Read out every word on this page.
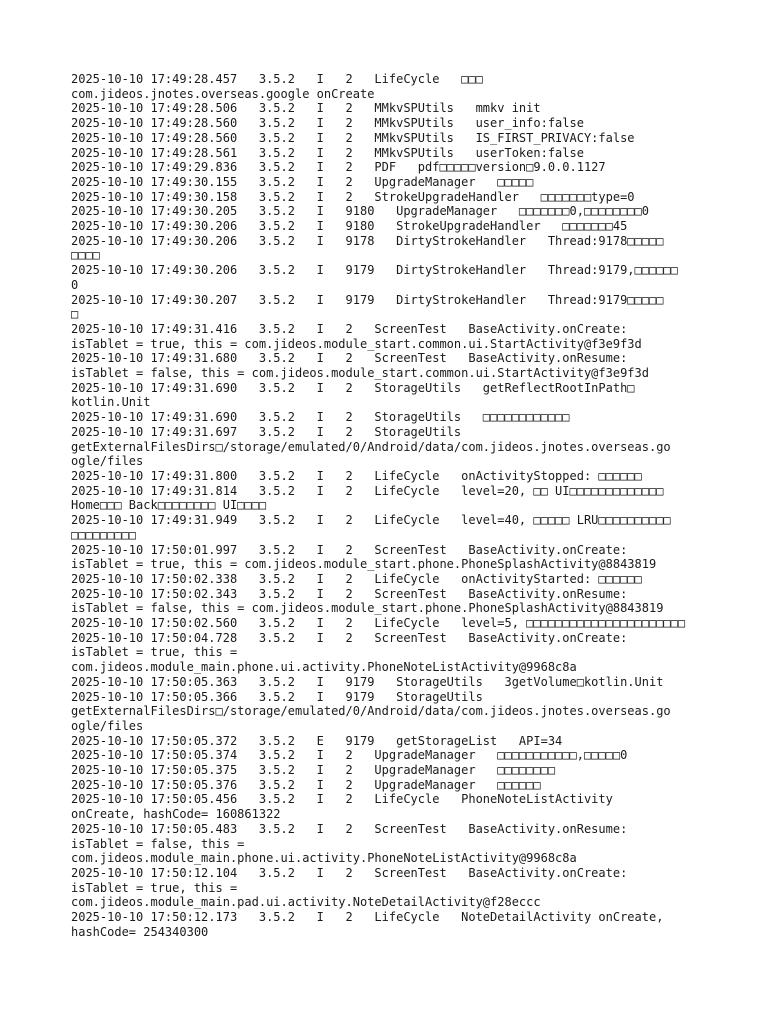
2025-10-10 17:49:28.457   3.5.2   I   2   LifeCycle   □□□
com.jideos.jnotes.overseas.google onCreate
2025-10-10 17:49:28.506   3.5.2   I   2   MMkvSPUtils   mmkv init
2025-10-10 17:49:28.560   3.5.2   I   2   MMkvSPUtils   user_info:false
2025-10-10 17:49:28.560   3.5.2   I   2   MMkvSPUtils   IS_FIRST_PRIVACY:false
2025-10-10 17:49:28.561   3.5.2   I   2   MMkvSPUtils   userToken:false
2025-10-10 17:49:29.836   3.5.2   I   2   PDF   pdf□□□□□version□9.0.0.1127
2025-10-10 17:49:30.155   3.5.2   I   2   UpgradeManager   □□□□□
2025-10-10 17:49:30.158   3.5.2   I   2   StrokeUpgradeHandler   □□□□□□□type=0
2025-10-10 17:49:30.205   3.5.2   I   9180   UpgradeManager   □□□□□□□0,□□□□□□□□0
2025-10-10 17:49:30.206   3.5.2   I   9180   StrokeUpgradeHandler   □□□□□□□45
2025-10-10 17:49:30.206   3.5.2   I   9178   DirtyStrokeHandler   Thread:9178□□□□□
□□□□
2025-10-10 17:49:30.206   3.5.2   I   9179   DirtyStrokeHandler   Thread:9179,□□□□□□
0
2025-10-10 17:49:30.207   3.5.2   I   9179   DirtyStrokeHandler   Thread:9179□□□□□
□
2025-10-10 17:49:31.416   3.5.2   I   2   ScreenTest   BaseActivity.onCreate:
isTablet = true, this = com.jideos.module_start.common.ui.StartActivity@f3e9f3d
2025-10-10 17:49:31.680   3.5.2   I   2   ScreenTest   BaseActivity.onResume:
isTablet = false, this = com.jideos.module_start.common.ui.StartActivity@f3e9f3d
2025-10-10 17:49:31.690   3.5.2   I   2   StorageUtils   getReflectRootInPath□
kotlin.Unit
2025-10-10 17:49:31.690   3.5.2   I   2   StorageUtils   □□□□□□□□□□□□
2025-10-10 17:49:31.697   3.5.2   I   2   StorageUtils
getExternalFilesDirs□/storage/emulated/0/Android/data/com.jideos.jnotes.overseas.go
ogle/files
2025-10-10 17:49:31.800   3.5.2   I   2   LifeCycle   onActivityStopped: □□□□□□
2025-10-10 17:49:31.814   3.5.2   I   2   LifeCycle   level=20, □□ UI□□□□□□□□□□□□□
Home□□□ Back□□□□□□□□ UI□□□□
2025-10-10 17:49:31.949   3.5.2   I   2   LifeCycle   level=40, □□□□□ LRU□□□□□□□□□□
□□□□□□□□□
2025-10-10 17:50:01.997   3.5.2   I   2   ScreenTest   BaseActivity.onCreate:
isTablet = true, this = com.jideos.module_start.phone.PhoneSplashActivity@8843819
2025-10-10 17:50:02.338   3.5.2   I   2   LifeCycle   onActivityStarted: □□□□□□
2025-10-10 17:50:02.343   3.5.2   I   2   ScreenTest   BaseActivity.onResume:
isTablet = false, this = com.jideos.module_start.phone.PhoneSplashActivity@8843819
2025-10-10 17:50:02.560   3.5.2   I   2   LifeCycle   level=5, □□□□□□□□□□□□□□□□□□□□□□
2025-10-10 17:50:04.728   3.5.2   I   2   ScreenTest   BaseActivity.onCreate:
isTablet = true, this =
com.jideos.module_main.phone.ui.activity.PhoneNoteListActivity@9968c8a
2025-10-10 17:50:05.363   3.5.2   I   9179   StorageUtils   3getVolume□kotlin.Unit
2025-10-10 17:50:05.366   3.5.2   I   9179   StorageUtils
getExternalFilesDirs□/storage/emulated/0/Android/data/com.jideos.jnotes.overseas.go
ogle/files
2025-10-10 17:50:05.372   3.5.2   E   9179   getStorageList   API=34
2025-10-10 17:50:05.374   3.5.2   I   2   UpgradeManager   □□□□□□□□□□□,□□□□□0
2025-10-10 17:50:05.375   3.5.2   I   2   UpgradeManager   □□□□□□□□
2025-10-10 17:50:05.376   3.5.2   I   2   UpgradeManager   □□□□□□
2025-10-10 17:50:05.456   3.5.2   I   2   LifeCycle   PhoneNoteListActivity
onCreate, hashCode= 160861322
2025-10-10 17:50:05.483   3.5.2   I   2   ScreenTest   BaseActivity.onResume:
isTablet = false, this =
com.jideos.module_main.phone.ui.activity.PhoneNoteListActivity@9968c8a
2025-10-10 17:50:12.104   3.5.2   I   2   ScreenTest   BaseActivity.onCreate:
isTablet = true, this =
com.jideos.module_main.pad.ui.activity.NoteDetailActivity@f28eccc
2025-10-10 17:50:12.173   3.5.2   I   2   LifeCycle   NoteDetailActivity onCreate,
hashCode= 254340300
